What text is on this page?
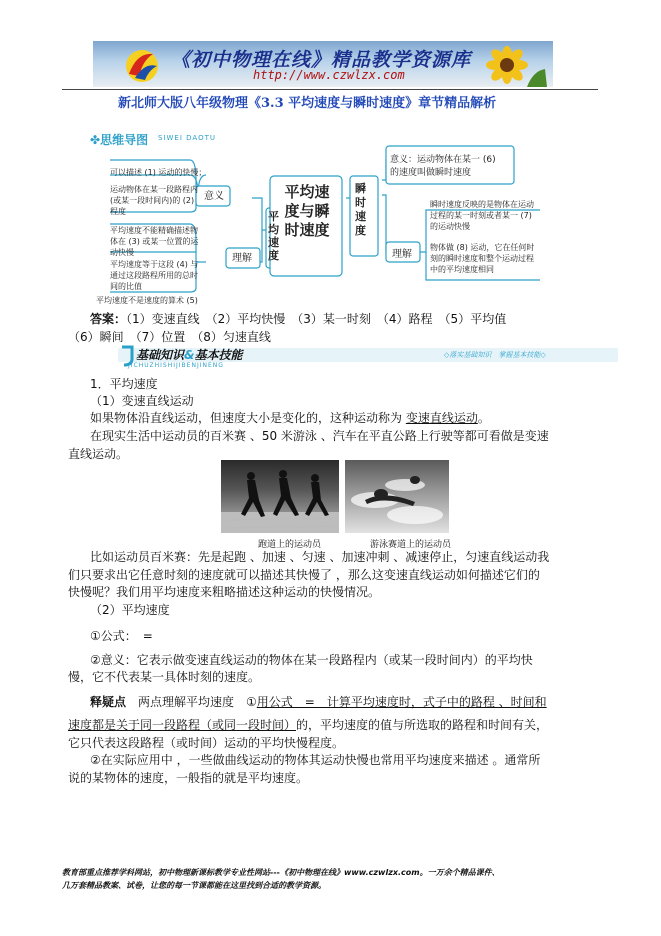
《初中物理在线》精品教学资源库
http://www.czwlzx.com
新北师大版八年级物理《3.3 平均速度与瞬时速度》章节精品解析
✤思维导图 SIWEI DAOTU
可以描述 (1) 运动的快慢；
运动物体在某一段路程内
(或某一段时间内)的 (2)
程度
平均速度不能精确描述物
体在 (3) 或某一位置的运
动快慢
平均速度等于这段 (4) 与
通过这段路程所用的总时
间的比值
平均速度不是速度的算术 (5)
意义
理解
平均速度
平均速度与瞬时速度
瞬时速度
理解
意义：运动物体在某一 (6)
的速度叫做瞬时速度
瞬时速度反映的是物体在运动
过程的某一时刻或者某一 (7)
的运动快慢
物体做 (8) 运动，它在任何时
刻的瞬时速度和整个运动过程
中的平均速度相同
答案：（1）变速直线　（2）平均快慢　（3）某一时刻　（4）路程　（5）平均值
（6）瞬间　（7）位置　（8）匀速直线
基础知识&基本技能
JICHUZHISHIJIBENJINENG
◇落实基础知识　掌握基本技能◇
1．平均速度
（1）变速直线运动
如果物体沿直线运动，但速度大小是变化的，这种运动称为 变速直线运动。
在现实生活中运动员的百米赛 、50 米游泳 、汽车在平直公路上行驶等都可看做是变速
直线运动。
跑道上的运动员	游泳赛道上的运动员
比如运动员百米赛：先是起跑 、加速 、匀速 、加速冲刺 、减速停止，匀速直线运动我
们只要求出它任意时刻的速度就可以描述其快慢了 ，那么这变速直线运动如何描述它们的
快慢呢？我们用平均速度来粗略描述这种运动的快慢情况。
（2）平均速度
①公式：　=
②意义：它表示做变速直线运动的物体在某一段路程内（或某一段时间内）的平均快
慢，它不代表某一具体时刻的速度。
释疑点　 两点理解平均速度　①用公式　=　计算平均速度时，式子中的路程 、时间和
速度都是关于同一段路程（或同一段时间）的，平均速度的值与所选取的路程和时间有关，
它只代表这段路程（或时间）运动的平均快慢程度。
②在实际应用中 ，一些做曲线运动的物体其运动快慢也常用平均速度来描述 。通常所
说的某物体的速度，一般指的就是平均速度。
教育部重点推荐学科网站，初中物理新课标教学专业性网站---《初中物理在线》www.czwlzx.com。一万余个精品课件、
几万套精品教案、试卷，让您的每一节课都能在这里找到合适的教学资源。
